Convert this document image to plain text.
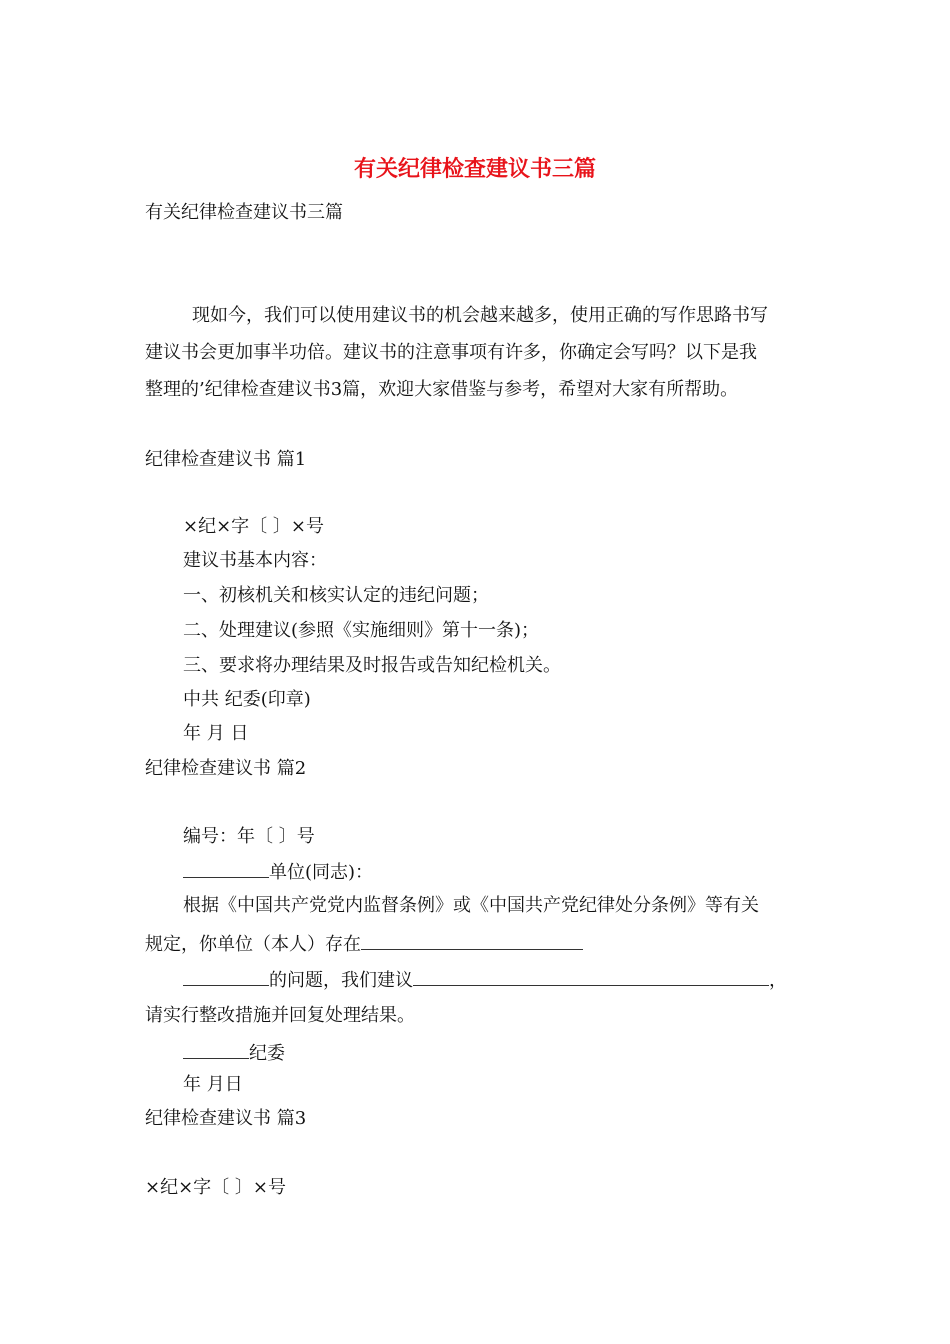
有关纪律检查建议书三篇
有关纪律检查建议书三篇
现如今，我们可以使用建议书的机会越来越多，使用正确的写作思路书写
建议书会更加事半功倍。建议书的注意事项有许多，你确定会写吗？以下是我
整理的’纪律检查建议书3篇，欢迎大家借鉴与参考，希望对大家有所帮助。
纪律检查建议书 篇1
×纪×字〔 〕×号
建议书基本内容：
一、初核机关和核实认定的违纪问题；
二、处理建议(参照《实施细则》第十一条)；
三、要求将办理结果及时报告或告知纪检机关。
中共 纪委(印章)
年 月 日
纪律检查建议书 篇2
编号：年〔 〕号
单位(同志)：
根据《中国共产党党内监督条例》或《中国共产党纪律处分条例》等有关
规定，你单位（本人）存在
的问题，我们建议	，
请实行整改措施并回复处理结果。
纪委
年 月日
纪律检查建议书 篇3
×纪×字〔 〕×号
